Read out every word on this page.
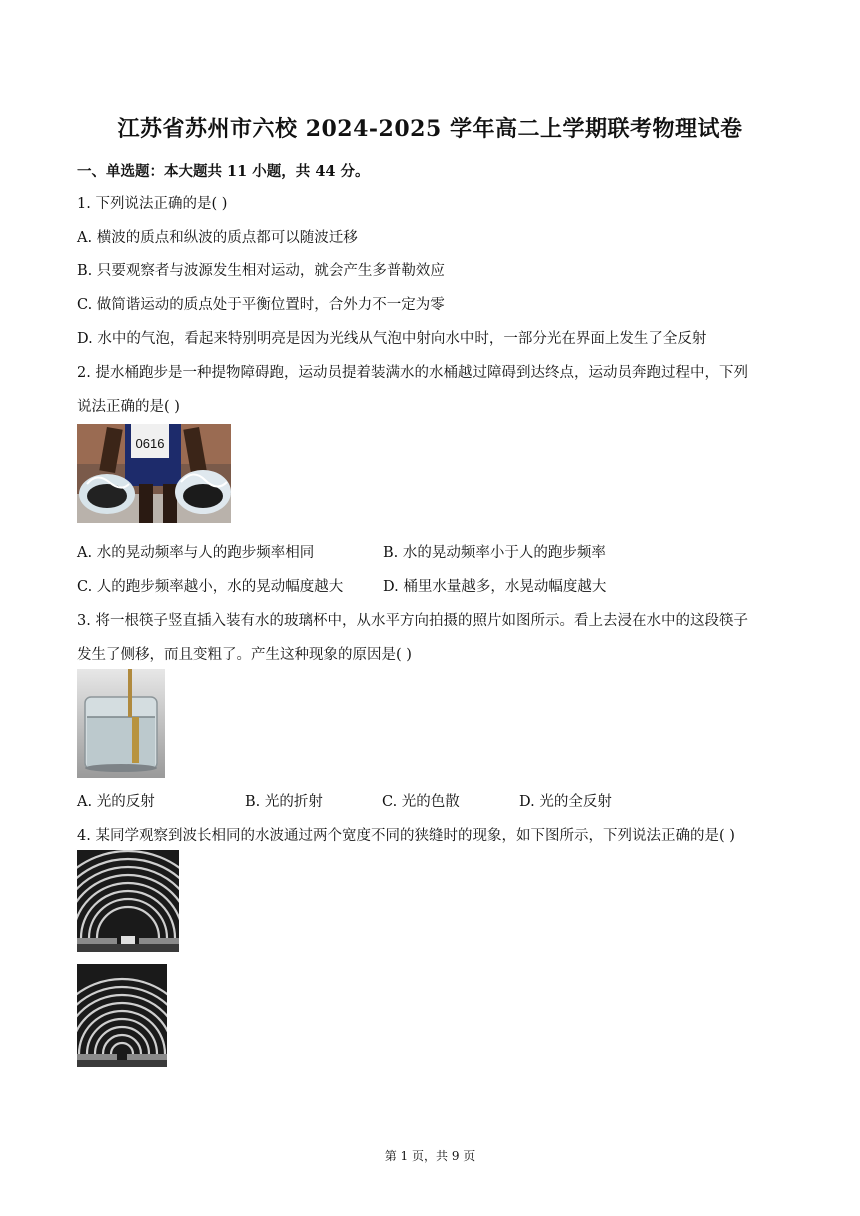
江苏省苏州市六校 2024-2025 学年高二上学期联考物理试卷
一、单选题：本大题共 11 小题，共 44 分。
1. 下列说法正确的是( )
A. 横波的质点和纵波的质点都可以随波迁移
B. 只要观察者与波源发生相对运动，就会产生多普勒效应
C. 做简谐运动的质点处于平衡位置时，合外力不一定为零
D. 水中的气泡，看起来特别明亮是因为光线从气泡中射向水中时，一部分光在界面上发生了全反射
2. 提水桶跑步是一种提物障碍跑，运动员提着装满水的水桶越过障碍到达终点，运动员奔跑过程中，下列
说法正确的是( )
0616
A. 水的晃动频率与人的跑步频率相同	B. 水的晃动频率小于人的跑步频率
C. 人的跑步频率越小，水的晃动幅度越大	D. 桶里水量越多，水晃动幅度越大
3. 将一根筷子竖直插入装有水的玻璃杯中，从水平方向拍摄的照片如图所示。看上去浸在水中的这段筷子
发生了侧移，而且变粗了。产生这种现象的原因是( )
A. 光的反射	B. 光的折射	C. 光的色散	D. 光的全反射
4. 某同学观察到波长相同的水波通过两个宽度不同的狭缝时的现象，如下图所示，下列说法正确的是( )
第 1 页，共 9 页
